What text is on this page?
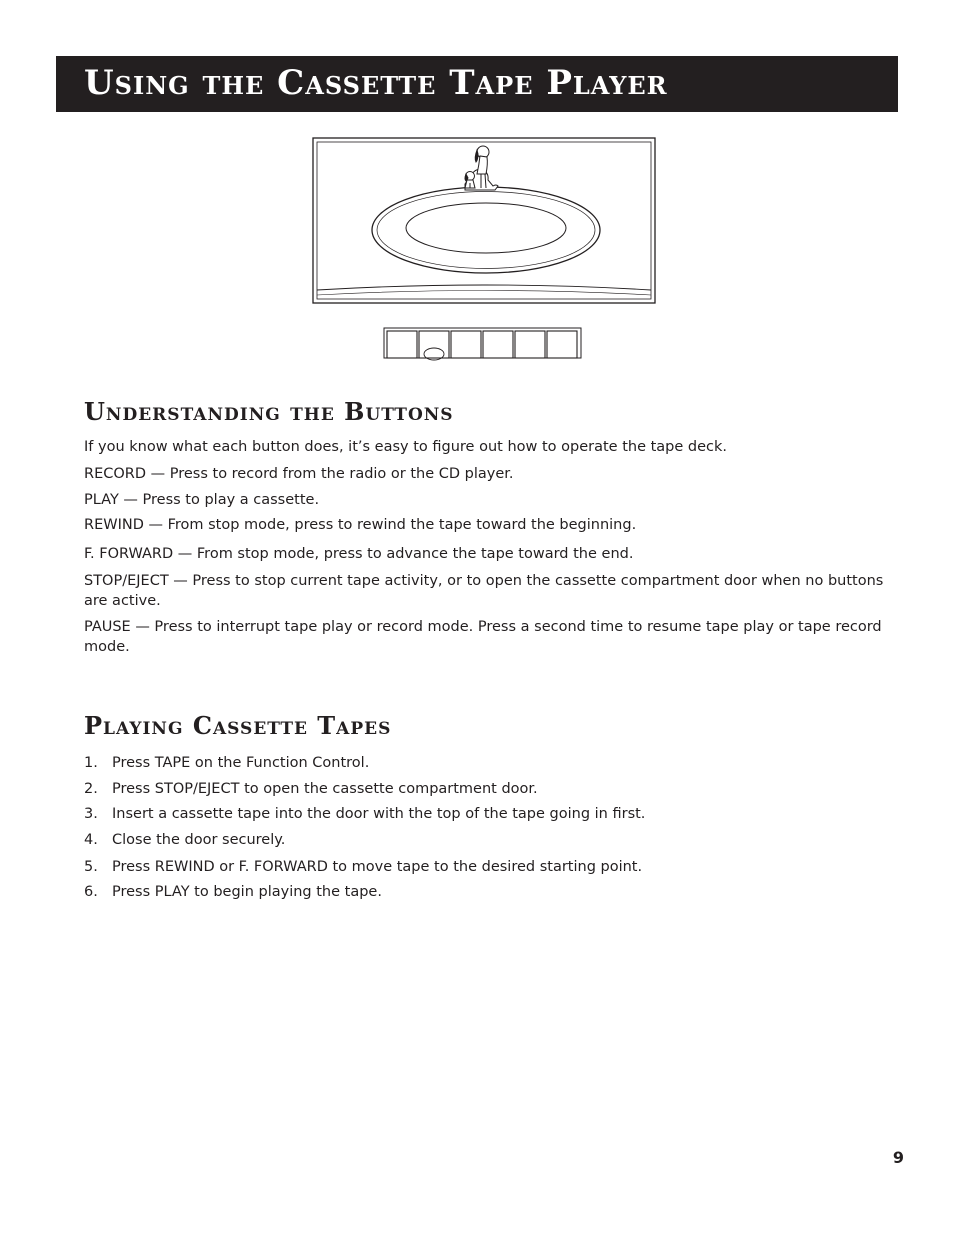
Using the Cassette Tape Player
Understanding the Buttons

If you know what each button does, it’s easy to figure out how to operate the tape deck.

RECORD — Press to record from the radio or the CD player.

PLAY — Press to play a cassette.

REWIND — From stop mode, press to rewind the tape toward the beginning.

F. FORWARD — From stop mode, press to advance the tape toward the end.

STOP/EJECT — Press to stop current tape activity, or to open the cassette compartment door when no buttons are active.

PAUSE — Press to interrupt tape play or record mode. Press a second time to resume tape play or tape record mode.

Playing Cassette Tapes
1. Press TAPE on the Function Control.
2. Press STOP/EJECT to open the cassette compartment door.
3. Insert a cassette tape into the door with the top of the tape going in first.
4. Close the door securely.
5. Press REWIND or F. FORWARD to move tape to the desired starting point.
6. Press PLAY to begin playing the tape.
9
